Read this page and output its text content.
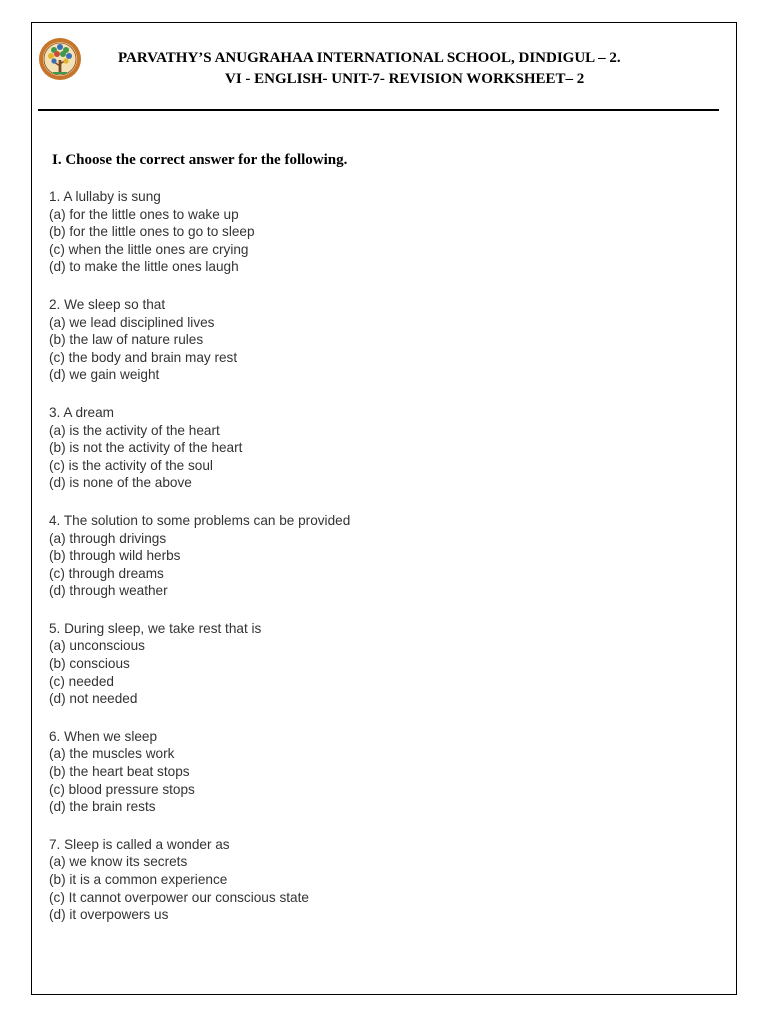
PARVATHY’S ANUGRAHAA INTERNATIONAL SCHOOL, DINDIGUL – 2.
VI - ENGLISH- UNIT-7- REVISION WORKSHEET– 2
I. Choose the correct answer for the following.
1. A lullaby is sung
(a) for the little ones to wake up
(b) for the little ones to go to sleep
(c) when the little ones are crying
(d) to make the little ones laugh
2. We sleep so that
(a) we lead disciplined lives
(b) the law of nature rules
(c) the body and brain may rest
(d) we gain weight
3. A dream
(a) is the activity of the heart
(b) is not the activity of the heart
(c) is the activity of the soul
(d) is none of the above
4. The solution to some problems can be provided
(a) through drivings
(b) through wild herbs
(c) through dreams
(d) through weather
5. During sleep, we take rest that is
(a) unconscious
(b) conscious
(c) needed
(d) not needed
6. When we sleep
(a) the muscles work
(b) the heart beat stops
(c) blood pressure stops
(d) the brain rests
7. Sleep is called a wonder as
(a) we know its secrets
(b) it is a common experience
(c) It cannot overpower our conscious state
(d) it overpowers us
